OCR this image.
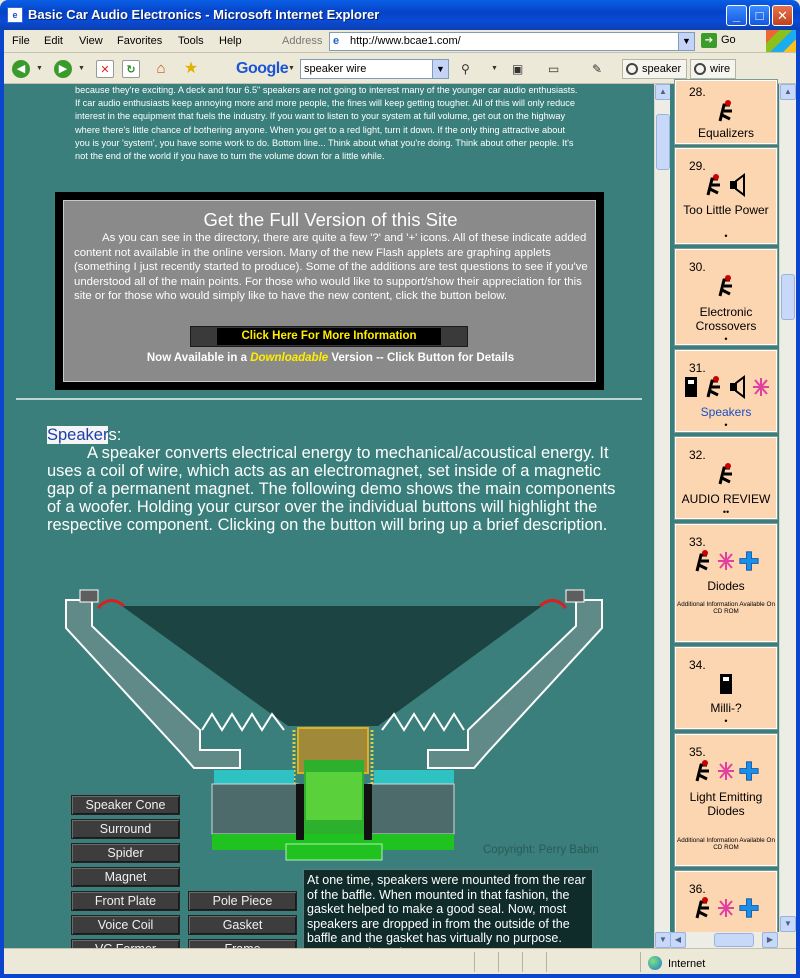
e Basic Car Audio Electronics - Microsoft Internet Explorer	_	□	✕
File Edit View Favorites Tools Help	Address e http://www.bcae1.com/	▼	➔ Go
◀	▼	▶	▼	✕	↻ ⌂ ★ Google ▼	⚲	▼ ▣ ▭	✎	speaker	wire
speaker wire	▼
because they're exciting. A deck and four 6.5" speakers are not going to interest many of the younger car audio enthusiasts. If car audio enthusiasts keep annoying more and more people, the fines will keep getting tougher. All of this will only reduce interest in the equipment that fuels the industry. If you want to listen to your system at full volume, get out on the highway where there's little chance of bothering anyone. When you get to a red light, turn it down. If the only thing attractive about you is your 'system', you have some work to do. Bottom line... Think about what you're doing. Think about other people. It's not the end of the world if you have to turn the volume down for a little while.
Get the Full Version of this Site
As you can see in the directory, there are quite a few '?' and '+' icons. All of these indicate added content not available in the online version. Many of the new Flash applets are graphing applets (something I just recently started to produce). Some of the additions are test questions to see if you've understood all of the main points. For those who would like to support/show their appreciation for this site or for those who would simply like to have the new content, click the button below.
Click Here For More Information
Now Available in a Downloadable Version -- Click Button for Details
Speakers:
A speaker converts electrical energy to mechanical/acoustical energy. It uses a coil of wire, which acts as an electromagnet, set inside of a magnetic gap of a permanent magnet. The following demo shows the main components of a woofer. Holding your cursor over the individual buttons will highlight the respective component. Clicking on the button will bring up a brief description.
Copyright: Perry Babin
Speaker Cone
Surround
Spider
Magnet
Front Plate	Pole Piece
Voice Coil	Gasket
At one time, speakers were mounted from the rear of the baffle. When mounted in that fashion, the gasket helped to make a good seal. Now, most speakers are dropped in from the outside of the baffle and the gasket has virtually no purpose.
▲
▼
28.
Equalizers
29.

Too Little Power
•
30.
Electronic Crossovers
•
31.

Speakers
•
32.
AUDIO REVIEW
••
33.

Diodes
Additional Information Available On CD ROM
34.
Milli-?
•
35.

Light Emitting Diodes
Additional Information Available On CD ROM
36.

▲
▼
◀	▶
Internet
